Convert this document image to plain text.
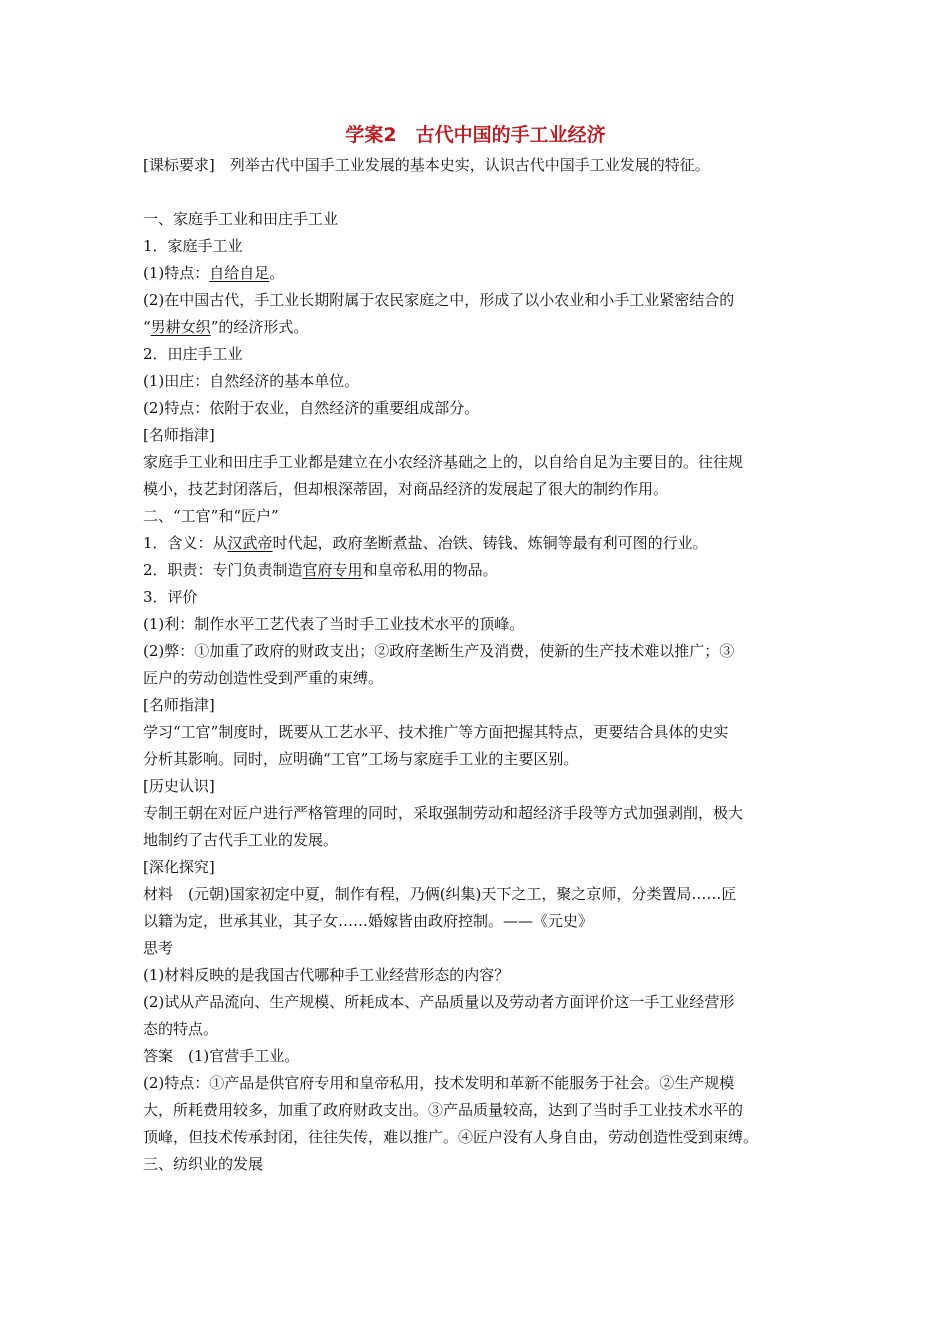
学案2　古代中国的手工业经济
[课标要求]　列举古代中国手工业发展的基本史实，认识古代中国手工业发展的特征。
一、家庭手工业和田庄手工业
1．家庭手工业
(1)特点：自给自足。
(2)在中国古代，手工业长期附属于农民家庭之中，形成了以小农业和小手工业紧密结合的
“男耕女织”的经济形式。
2．田庄手工业
(1)田庄：自然经济的基本单位。
(2)特点：依附于农业，自然经济的重要组成部分。
[名师指津]
家庭手工业和田庄手工业都是建立在小农经济基础之上的，以自给自足为主要目的。往往规
模小，技艺封闭落后，但却根深蒂固，对商品经济的发展起了很大的制约作用。
二、“工官”和“匠户”
1．含义：从汉武帝时代起，政府垄断煮盐、冶铁、铸钱、炼铜等最有利可图的行业。
2．职责：专门负责制造官府专用和皇帝私用的物品。
3．评价
(1)利：制作水平工艺代表了当时手工业技术水平的顶峰。
(2)弊：①加重了政府的财政支出；②政府垄断生产及消费，使新的生产技术难以推广；③
匠户的劳动创造性受到严重的束缚。
[名师指津]
学习“工官”制度时，既要从工艺水平、技术推广等方面把握其特点，更要结合具体的史实
分析其影响。同时，应明确“工官”工场与家庭手工业的主要区别。
[历史认识]
专制王朝在对匠户进行严格管理的同时，采取强制劳动和超经济手段等方式加强剥削，极大
地制约了古代手工业的发展。
[深化探究]
材料　(元朝)国家初定中夏，制作有程，乃俩(纠集)天下之工，聚之京师，分类置局……匠
以籍为定，世承其业，其子女……婚嫁皆由政府控制。——《元史》
思考
(1)材料反映的是我国古代哪种手工业经营形态的内容？
(2)试从产品流向、生产规模、所耗成本、产品质量以及劳动者方面评价这一手工业经营形
态的特点。
答案　(1)官营手工业。
(2)特点：①产品是供官府专用和皇帝私用，技术发明和革新不能服务于社会。②生产规模
大，所耗费用较多，加重了政府财政支出。③产品质量较高，达到了当时手工业技术水平的
顶峰，但技术传承封闭，往往失传，难以推广。④匠户没有人身自由，劳动创造性受到束缚。
三、纺织业的发展
